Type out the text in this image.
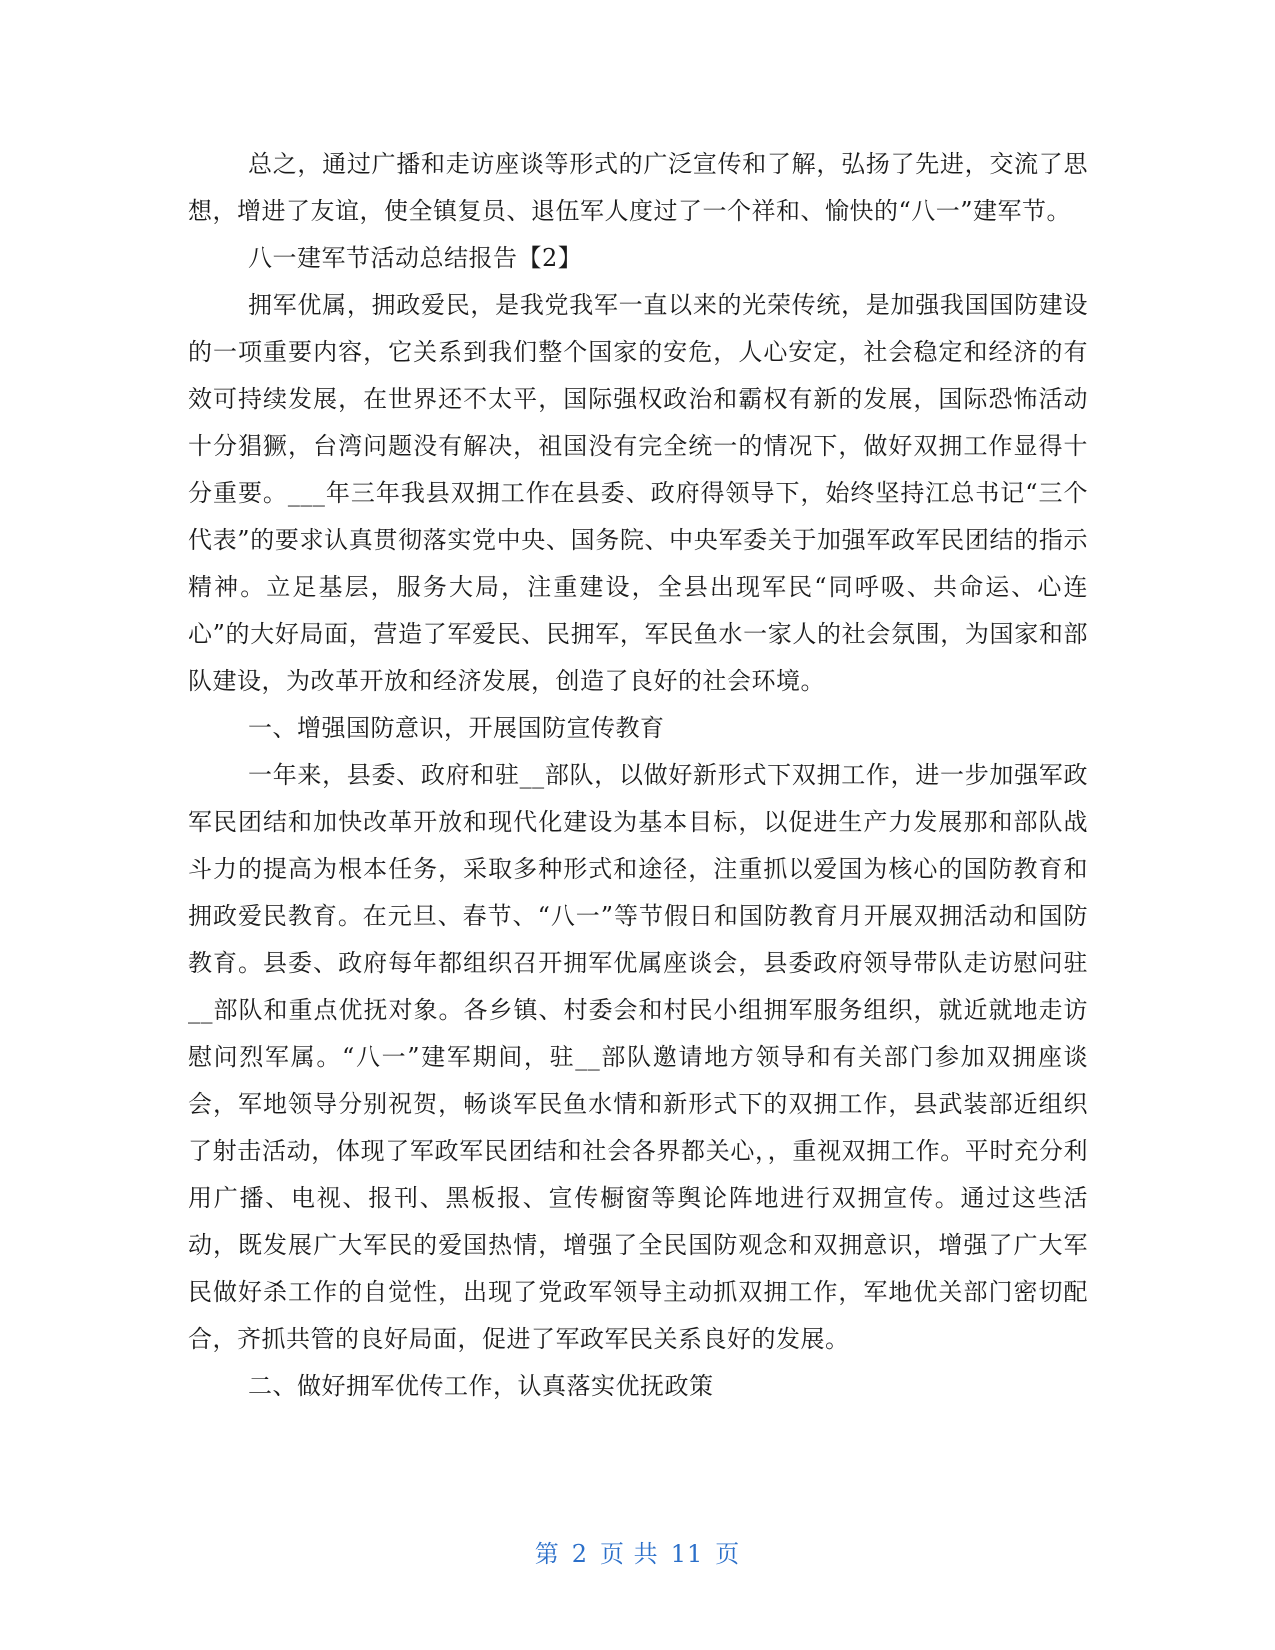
总之，通过广播和走访座谈等形式的广泛宣传和了解，弘扬了先进，交流了思想，增进了友谊，使全镇复员、退伍军人度过了一个祥和、愉快的“八一”建军节。

八一建军节活动总结报告【2】

拥军优属，拥政爱民，是我党我军一直以来的光荣传统，是加强我国国防建设的一项重要内容，它关系到我们整个国家的安危，人心安定，社会稳定和经济的有效可持续发展，在世界还不太平，国际强权政治和霸权有新的发展，国际恐怖活动十分猖獗，台湾问题没有解决，祖国没有完全统一的情况下，做好双拥工作显得十分重要。___年三年我县双拥工作在县委、政府得领导下，始终坚持江总书记“三个代表”的要求认真贯彻落实党中央、国务院、中央军委关于加强军政军民团结的指示精神。立足基层，服务大局，注重建设，全县出现军民“同呼吸、共命运、心连心”的大好局面，营造了军爱民、民拥军，军民鱼水一家人的社会氛围，为国家和部队建设，为改革开放和经济发展，创造了良好的社会环境。

一、增强国防意识，开展国防宣传教育

一年来，县委、政府和驻__部队，以做好新形式下双拥工作，进一步加强军政军民团结和加快改革开放和现代化建设为基本目标，以促进生产力发展那和部队战斗力的提高为根本任务，采取多种形式和途径，注重抓以爱国为核心的国防教育和拥政爱民教育。在元旦、春节、“八一”等节假日和国防教育月开展双拥活动和国防教育。县委、政府每年都组织召开拥军优属座谈会，县委政府领导带队走访慰问驻__部队和重点优抚对象。各乡镇、村委会和村民小组拥军服务组织，就近就地走访慰问烈军属。“八一”建军期间，驻__部队邀请地方领导和有关部门参加双拥座谈会，军地领导分别祝贺，畅谈军民鱼水情和新形式下的双拥工作，县武装部近组织了射击活动，体现了军政军民团结和社会各界都关心，，重视双拥工作。平时充分利用广播、电视、报刊、黑板报、宣传橱窗等舆论阵地进行双拥宣传。通过这些活动，既发展广大军民的爱国热情，增强了全民国防观念和双拥意识，增强了广大军民做好杀工作的自觉性，出现了党政军领导主动抓双拥工作，军地优关部门密切配合，齐抓共管的良好局面，促进了军政军民关系良好的发展。

二、做好拥军优传工作，认真落实优抚政策

第 2 页 共 11 页
